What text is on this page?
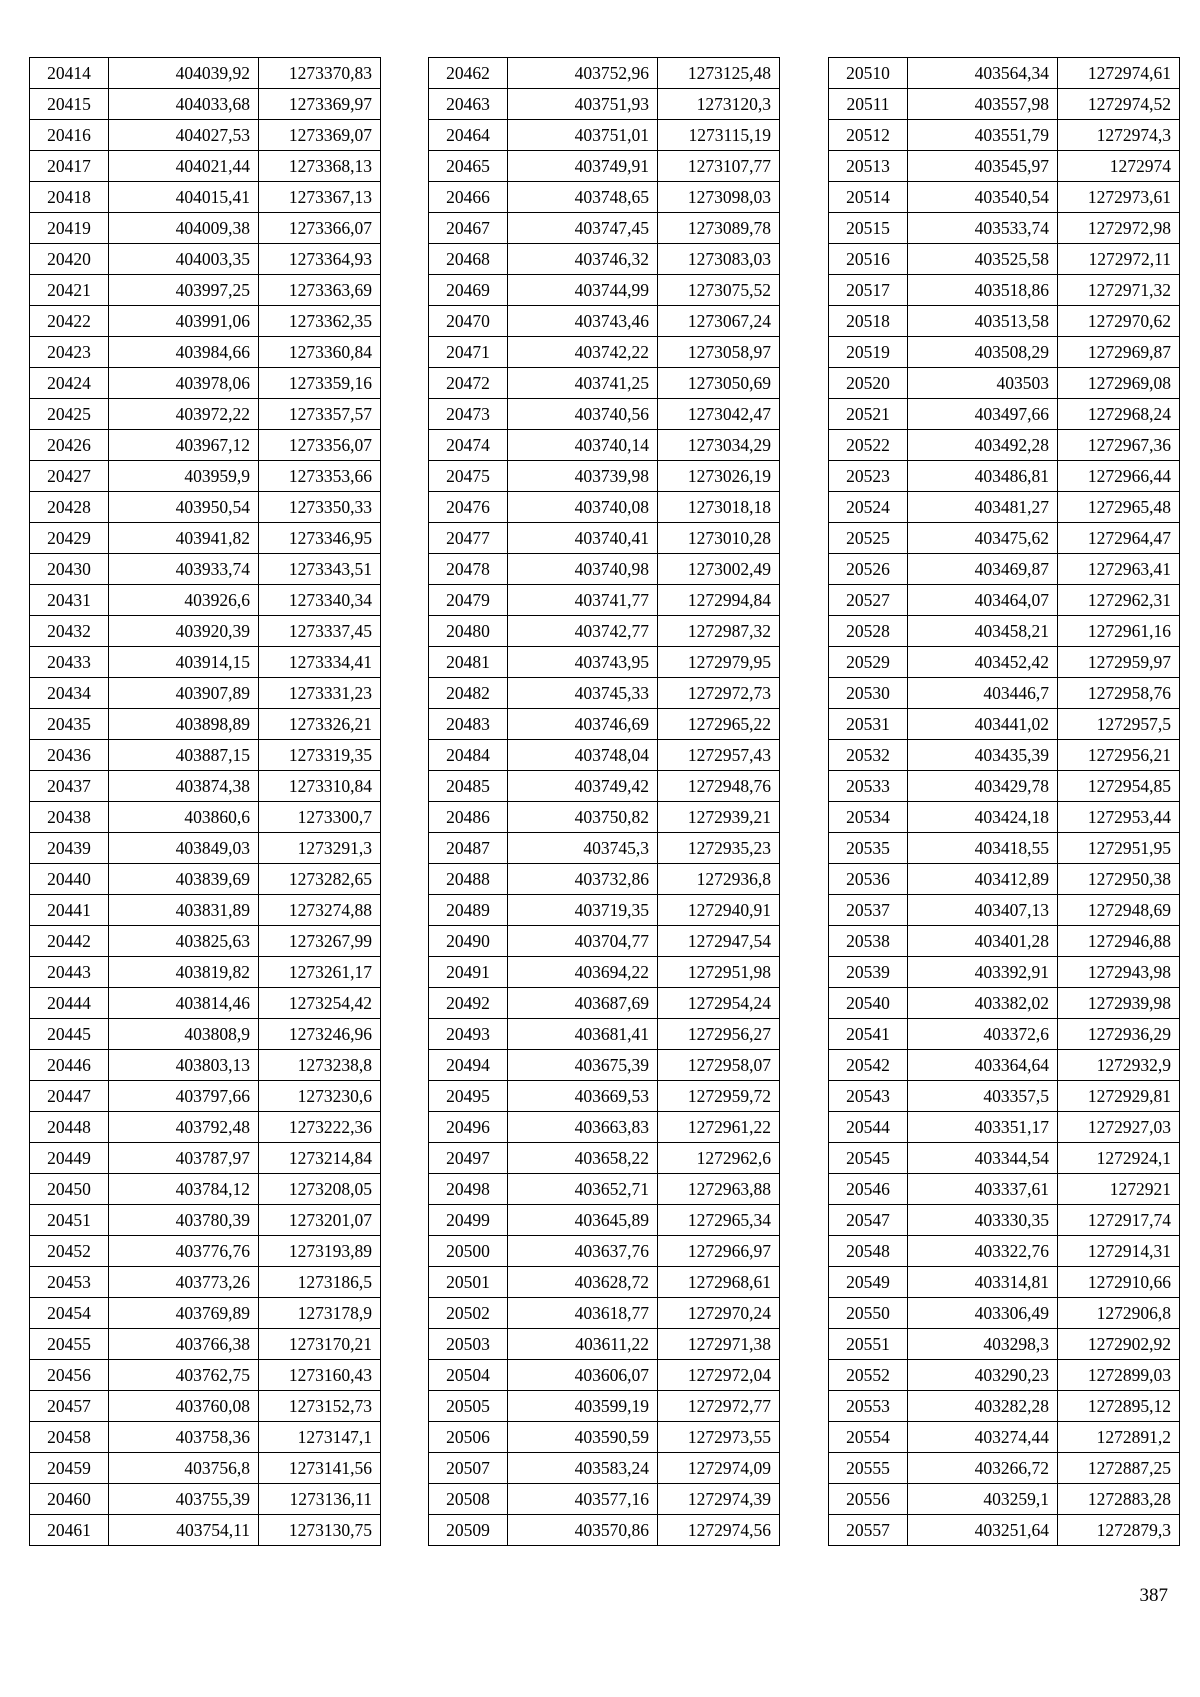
20414	404039,92	1273370,83
20415	404033,68	1273369,97
20416	404027,53	1273369,07
20417	404021,44	1273368,13
20418	404015,41	1273367,13
20419	404009,38	1273366,07
20420	404003,35	1273364,93
20421	403997,25	1273363,69
20422	403991,06	1273362,35
20423	403984,66	1273360,84
20424	403978,06	1273359,16
20425	403972,22	1273357,57
20426	403967,12	1273356,07
20427	403959,9	1273353,66
20428	403950,54	1273350,33
20429	403941,82	1273346,95
20430	403933,74	1273343,51
20431	403926,6	1273340,34
20432	403920,39	1273337,45
20433	403914,15	1273334,41
20434	403907,89	1273331,23
20435	403898,89	1273326,21
20436	403887,15	1273319,35
20437	403874,38	1273310,84
20438	403860,6	1273300,7
20439	403849,03	1273291,3
20440	403839,69	1273282,65
20441	403831,89	1273274,88
20442	403825,63	1273267,99
20443	403819,82	1273261,17
20444	403814,46	1273254,42
20445	403808,9	1273246,96
20446	403803,13	1273238,8
20447	403797,66	1273230,6
20448	403792,48	1273222,36
20449	403787,97	1273214,84
20450	403784,12	1273208,05
20451	403780,39	1273201,07
20452	403776,76	1273193,89
20453	403773,26	1273186,5
20454	403769,89	1273178,9
20455	403766,38	1273170,21
20456	403762,75	1273160,43
20457	403760,08	1273152,73
20458	403758,36	1273147,1
20459	403756,8	1273141,56
20460	403755,39	1273136,11
20461	403754,11	1273130,75
20462	403752,96	1273125,48
20463	403751,93	1273120,3
20464	403751,01	1273115,19
20465	403749,91	1273107,77
20466	403748,65	1273098,03
20467	403747,45	1273089,78
20468	403746,32	1273083,03
20469	403744,99	1273075,52
20470	403743,46	1273067,24
20471	403742,22	1273058,97
20472	403741,25	1273050,69
20473	403740,56	1273042,47
20474	403740,14	1273034,29
20475	403739,98	1273026,19
20476	403740,08	1273018,18
20477	403740,41	1273010,28
20478	403740,98	1273002,49
20479	403741,77	1272994,84
20480	403742,77	1272987,32
20481	403743,95	1272979,95
20482	403745,33	1272972,73
20483	403746,69	1272965,22
20484	403748,04	1272957,43
20485	403749,42	1272948,76
20486	403750,82	1272939,21
20487	403745,3	1272935,23
20488	403732,86	1272936,8
20489	403719,35	1272940,91
20490	403704,77	1272947,54
20491	403694,22	1272951,98
20492	403687,69	1272954,24
20493	403681,41	1272956,27
20494	403675,39	1272958,07
20495	403669,53	1272959,72
20496	403663,83	1272961,22
20497	403658,22	1272962,6
20498	403652,71	1272963,88
20499	403645,89	1272965,34
20500	403637,76	1272966,97
20501	403628,72	1272968,61
20502	403618,77	1272970,24
20503	403611,22	1272971,38
20504	403606,07	1272972,04
20505	403599,19	1272972,77
20506	403590,59	1272973,55
20507	403583,24	1272974,09
20508	403577,16	1272974,39
20509	403570,86	1272974,56
20510	403564,34	1272974,61
20511	403557,98	1272974,52
20512	403551,79	1272974,3
20513	403545,97	1272974
20514	403540,54	1272973,61
20515	403533,74	1272972,98
20516	403525,58	1272972,11
20517	403518,86	1272971,32
20518	403513,58	1272970,62
20519	403508,29	1272969,87
20520	403503	1272969,08
20521	403497,66	1272968,24
20522	403492,28	1272967,36
20523	403486,81	1272966,44
20524	403481,27	1272965,48
20525	403475,62	1272964,47
20526	403469,87	1272963,41
20527	403464,07	1272962,31
20528	403458,21	1272961,16
20529	403452,42	1272959,97
20530	403446,7	1272958,76
20531	403441,02	1272957,5
20532	403435,39	1272956,21
20533	403429,78	1272954,85
20534	403424,18	1272953,44
20535	403418,55	1272951,95
20536	403412,89	1272950,38
20537	403407,13	1272948,69
20538	403401,28	1272946,88
20539	403392,91	1272943,98
20540	403382,02	1272939,98
20541	403372,6	1272936,29
20542	403364,64	1272932,9
20543	403357,5	1272929,81
20544	403351,17	1272927,03
20545	403344,54	1272924,1
20546	403337,61	1272921
20547	403330,35	1272917,74
20548	403322,76	1272914,31
20549	403314,81	1272910,66
20550	403306,49	1272906,8
20551	403298,3	1272902,92
20552	403290,23	1272899,03
20553	403282,28	1272895,12
20554	403274,44	1272891,2
20555	403266,72	1272887,25
20556	403259,1	1272883,28
20557	403251,64	1272879,3
387
